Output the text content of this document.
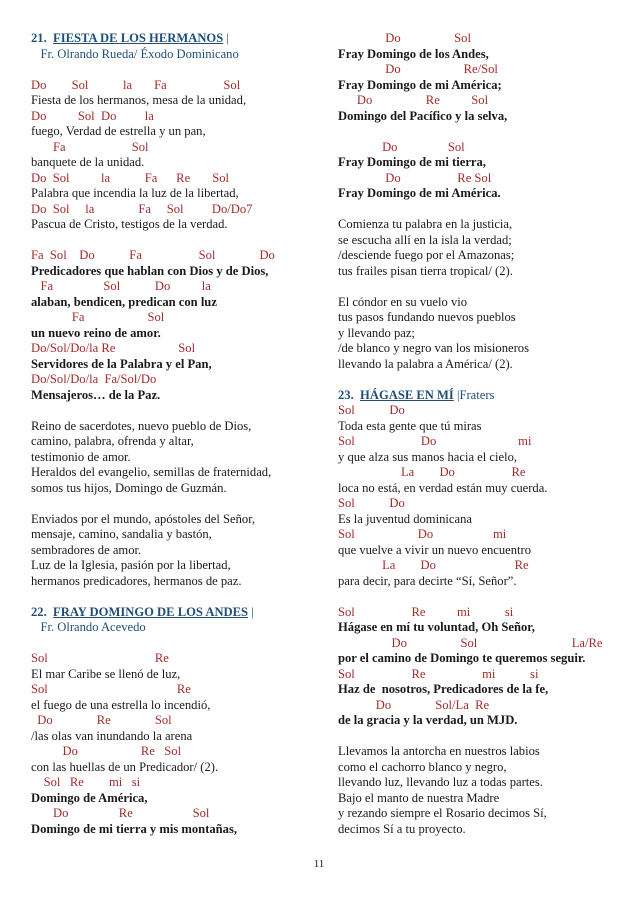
21. FIESTA DE LOS HERMANOS |
Fr. Olrando Rueda/ Éxodo Dominicano
Do        Sol           la       Fa                  Sol
Fiesta de los hermanos, mesa de la unidad,
Do          Sol  Do         la
fuego, Verdad de estrella y un pan,
Fa                     Sol
banquete de la unidad.
Do  Sol          la           Fa      Re       Sol
Palabra que incendia la luz de la libertad,
Do  Sol     la              Fa     Sol         Do/Do7
Pascua de Cristo, testigos de la verdad.
Fa  Sol    Do           Fa                  Sol              Do
Predicadores que hablan con Dios y de Dios,
Fa                Sol           Do          la
alaban, bendicen, predican con luz
Fa                    Sol
un nuevo reino de amor.
Do/Sol/Do/la Re                    Sol
Servidores de la Palabra y el Pan,
Do/Sol/Do/la  Fa/Sol/Do
Mensajeros… de la Paz.
Reino de sacerdotes, nuevo pueblo de Dios,
camino, palabra, ofrenda y altar,
testimonio de amor.
Heraldos del evangelio, semillas de fraternidad,
somos tus hijos, Domingo de Guzmán.
Enviados por el mundo, apóstoles del Señor,
mensaje, camino, sandalia y bastón,
sembradores de amor.
Luz de la Iglesia, pasión por la libertad,
hermanos predicadores, hermanos de paz.
22. FRAY DOMINGO DE LOS ANDES |
Fr. Olrando Acevedo
Sol                                  Re
El mar Caribe se llenó de luz,
Sol                                         Re
el fuego de una estrella lo incendió,
Do              Re              Sol
/las olas van inundando la arena
Do                    Re   Sol
con las huellas de un Predicador/ (2).
Sol   Re        mi   si
Domingo de América,
Do                Re                   Sol
Domingo de mi tierra y mis montañas,
Do                 Sol
Fray Domingo de los Andes,
Do                    Re/Sol
Fray Domingo de mi América;
Do                 Re          Sol
Domingo del Pacífico y la selva,
Do                Sol
Fray Domingo de mi tierra,
Do                  Re Sol
Fray Domingo de mi América.
Comienza tu palabra en la justicia,
se escucha allí en la isla la verdad;
/desciende fuego por el Amazonas;
tus frailes pisan tierra tropical/ (2).
El cóndor en su vuelo vio
tus pasos fundando nuevos pueblos
y llevando paz;
/de blanco y negro van los misioneros
llevando la palabra a América/ (2).
23. HÁGASE EN MÍ |Fraters
Sol           Do
Toda esta gente que tú miras
Sol                     Do                          mi
y que alza sus manos hacia el cielo,
La        Do                  Re
loca no está, en verdad están muy cuerda.
Sol           Do
Es la juventud dominicana
Sol                    Do                   mi
que vuelve a vivir un nuevo encuentro
La        Do                         Re
para decir, para decirte “Sí, Señor”.
Sol                  Re          mi           si
Hágase en mí tu voluntad, Oh Señor,
Do                 Sol                              La/Re
por el camino de Domingo te queremos seguir.
Sol                  Re                  mi           si
Haz de  nosotros, Predicadores de la fe,
Do              Sol/La  Re
de la gracia y la verdad, un MJD.
Llevamos la antorcha en nuestros labios
como el cachorro blanco y negro,
llevando luz, llevando luz a todas partes.
Bajo el manto de nuestra Madre
y rezando siempre el Rosario decimos Sí,
decimos Sí a tu proyecto.
11
